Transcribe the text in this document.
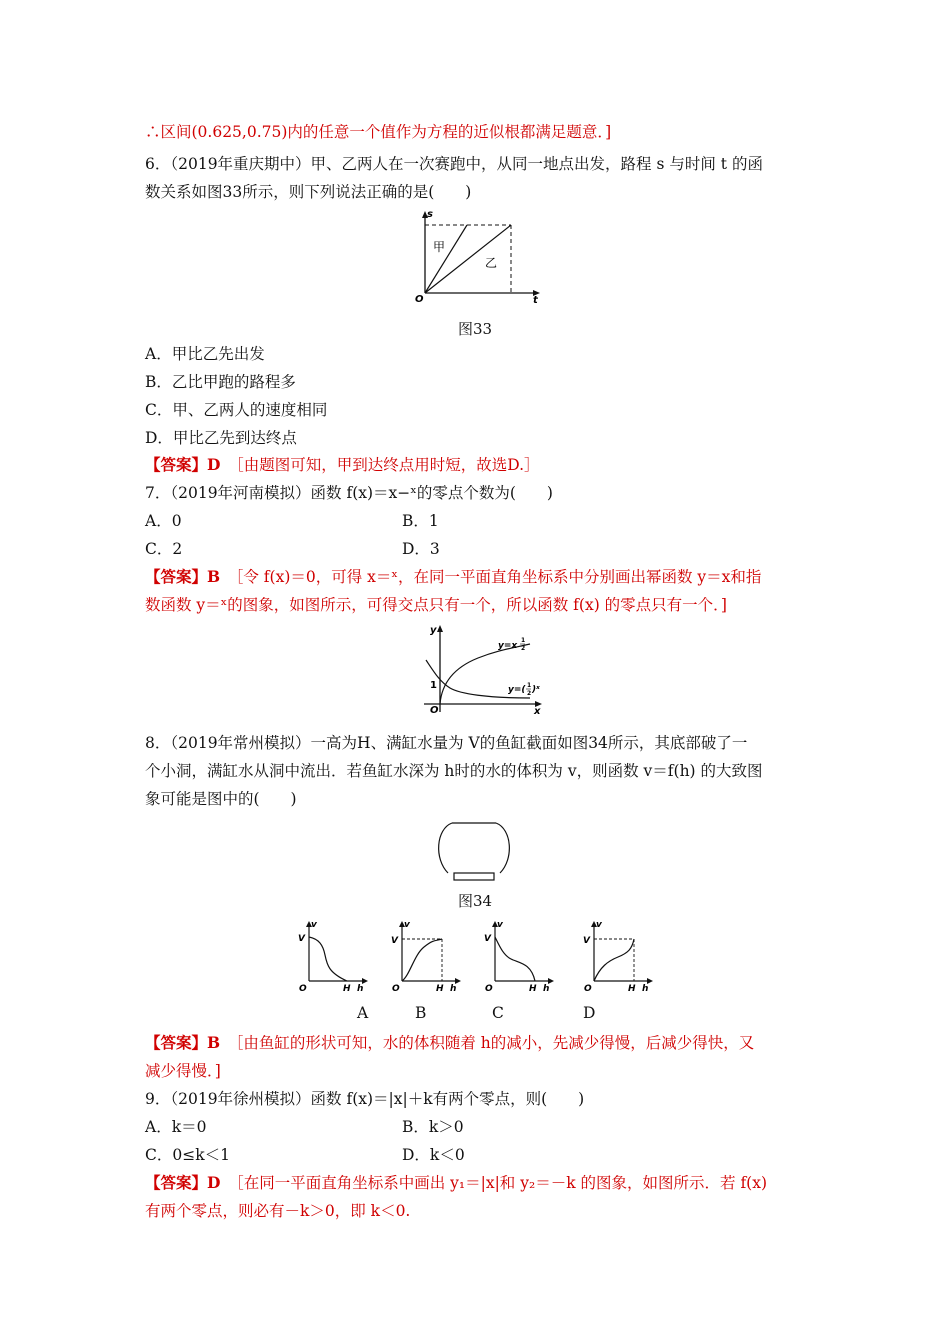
∴区间(0.625,0.75)内的任意一个值作为方程的近似根都满足题意．]
6．（2019年重庆期中）甲、乙两人在一次赛跑中，从同一地点出发，路程 s 与时间 t 的函
数关系如图33所示，则下列说法正确的是(　　)
s
t
O
甲
乙
图33
A．甲比乙先出发
B．乙比甲跑的路程多
C．甲、乙两人的速度相同
D．甲比乙先到达终点
【答案】D　 ［由题图可知，甲到达终点用时短，故选D.］
7．（2019年河南模拟）函数 f(x)＝x−ˣ的零点个数为(　　)
A．0	B．1
C．2	D．3
【答案】B　 ［令 f(x)＝0，可得 x＝ˣ，在同一平面直角坐标系中分别画出幂函数 y＝x和指
数函数 y＝ˣ的图象，如图所示，可得交点只有一个，所以函数 f(x) 的零点只有一个．]
y
x
O
1
y=x
1
2
y=( 1
2 )ˣ
8．（2019年常州模拟）一高为H、满缸水量为 V的鱼缸截面如图34所示，其底部破了一
个小洞，满缸水从洞中流出．若鱼缸水深为 h时的水的体积为 v，则函数 v＝f(h) 的大致图
象可能是图中的(　　)
图34
v
V
O	H h
v
V
O	H h
v
V
O	H h
v
V
O	H h
A	B	C	D
【答案】B　 ［由鱼缸的形状可知，水的体积随着 h的减小，先减少得慢，后减少得快，又
减少得慢．]
9．（2019年徐州模拟）函数 f(x)＝|x|＋k有两个零点，则(　　)
A．k＝0	B．k＞0
C．0≤k＜1	D．k＜0
【答案】D　 ［在同一平面直角坐标系中画出 y₁＝|x|和 y₂＝－k 的图象，如图所示．若 f(x)
有两个零点，则必有－k＞0，即 k＜0.
